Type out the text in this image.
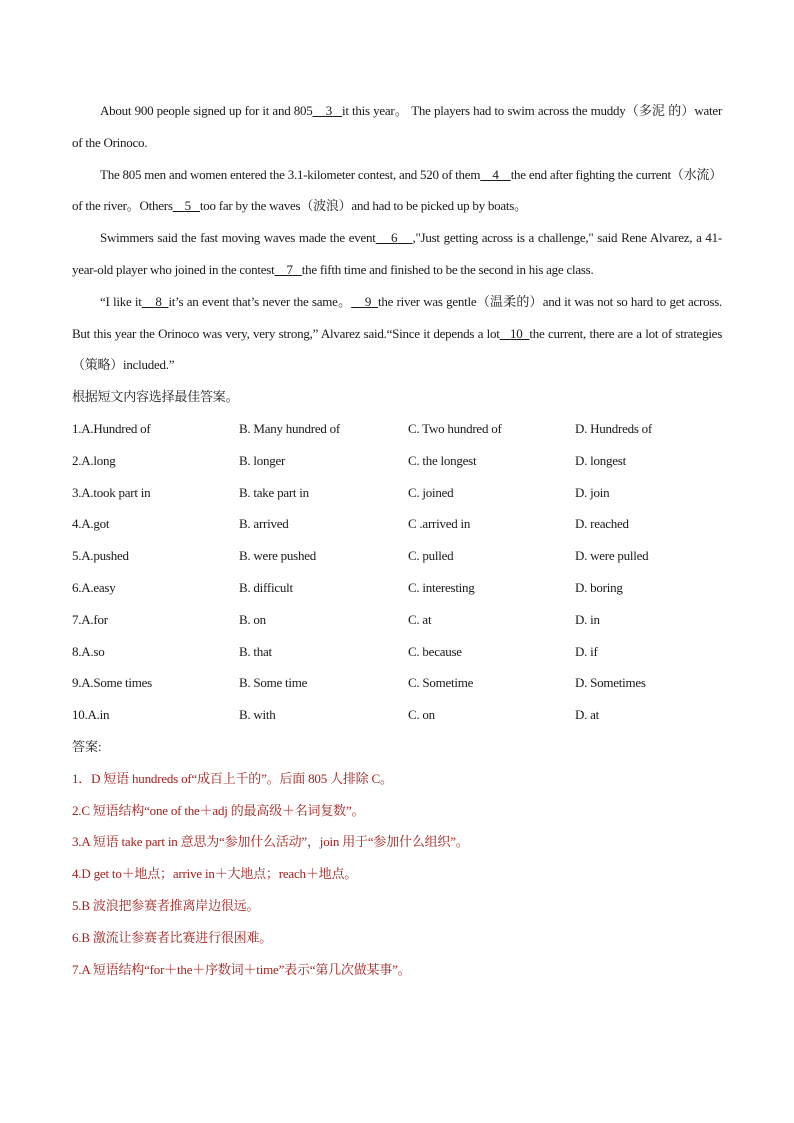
About 900 people signed up for it and 805 3 it this year。 The players had to swim across the muddy（多泥 的）water of the Orinoco.

The 805 men and women entered the 3.1-kilometer contest, and 520 of them 4 the end after fighting the current（水流）of the river。Others 5 too far by the waves（波浪）and had to be picked up by boats。

Swimmers said the fast moving waves made the event 6 ,"Just getting across is a challenge," said Rene Alvarez, a 41-year-old player who joined in the contest 7 the fifth time and finished to be the second in his age class.

“I like it 8 it’s an event that’s never the same。 9 the river was gentle（温柔的）and it was not so hard to get across. But this year the Orinoco was very, very strong,” Alvarez said.“Since it depends a lot 10 the current, there are a lot of strategies（策略）included.”

根据短文内容选择最佳答案。

1.A.Hundred of	B. Many hundred of	C. Two hundred of	D. Hundreds of
2.A.long	B. longer	C. the longest	D. longest
3.A.took part in	B. take part in	C. joined	D. join
4.A.got	B. arrived	C .arrived in	D. reached
5.A.pushed	B. were pushed	C. pulled	D. were pulled
6.A.easy	B. difficult	C. interesting	D. boring
7.A.for	B. on	C. at	D. in
8.A.so	B. that	C. because	D. if
9.A.Some times	B. Some time	C. Sometime	D. Sometimes
10.A.in	B. with	C. on	D. at

答案:

1．D 短语 hundreds of“成百上千的”。后面 805 人排除 C。

2.C 短语结构“one of the＋adj 的最高级＋名词复数”。

3.A 短语 take part in 意思为“参加什么活动”，join 用于“参加什么组织”。

4.D get to＋地点；arrive in＋大地点；reach＋地点。

5.B 波浪把参赛者推离岸边很远。

6.B 激流让参赛者比赛进行很困难。

7.A 短语结构“for＋the＋序数词＋time”表示“第几次做某事”。
